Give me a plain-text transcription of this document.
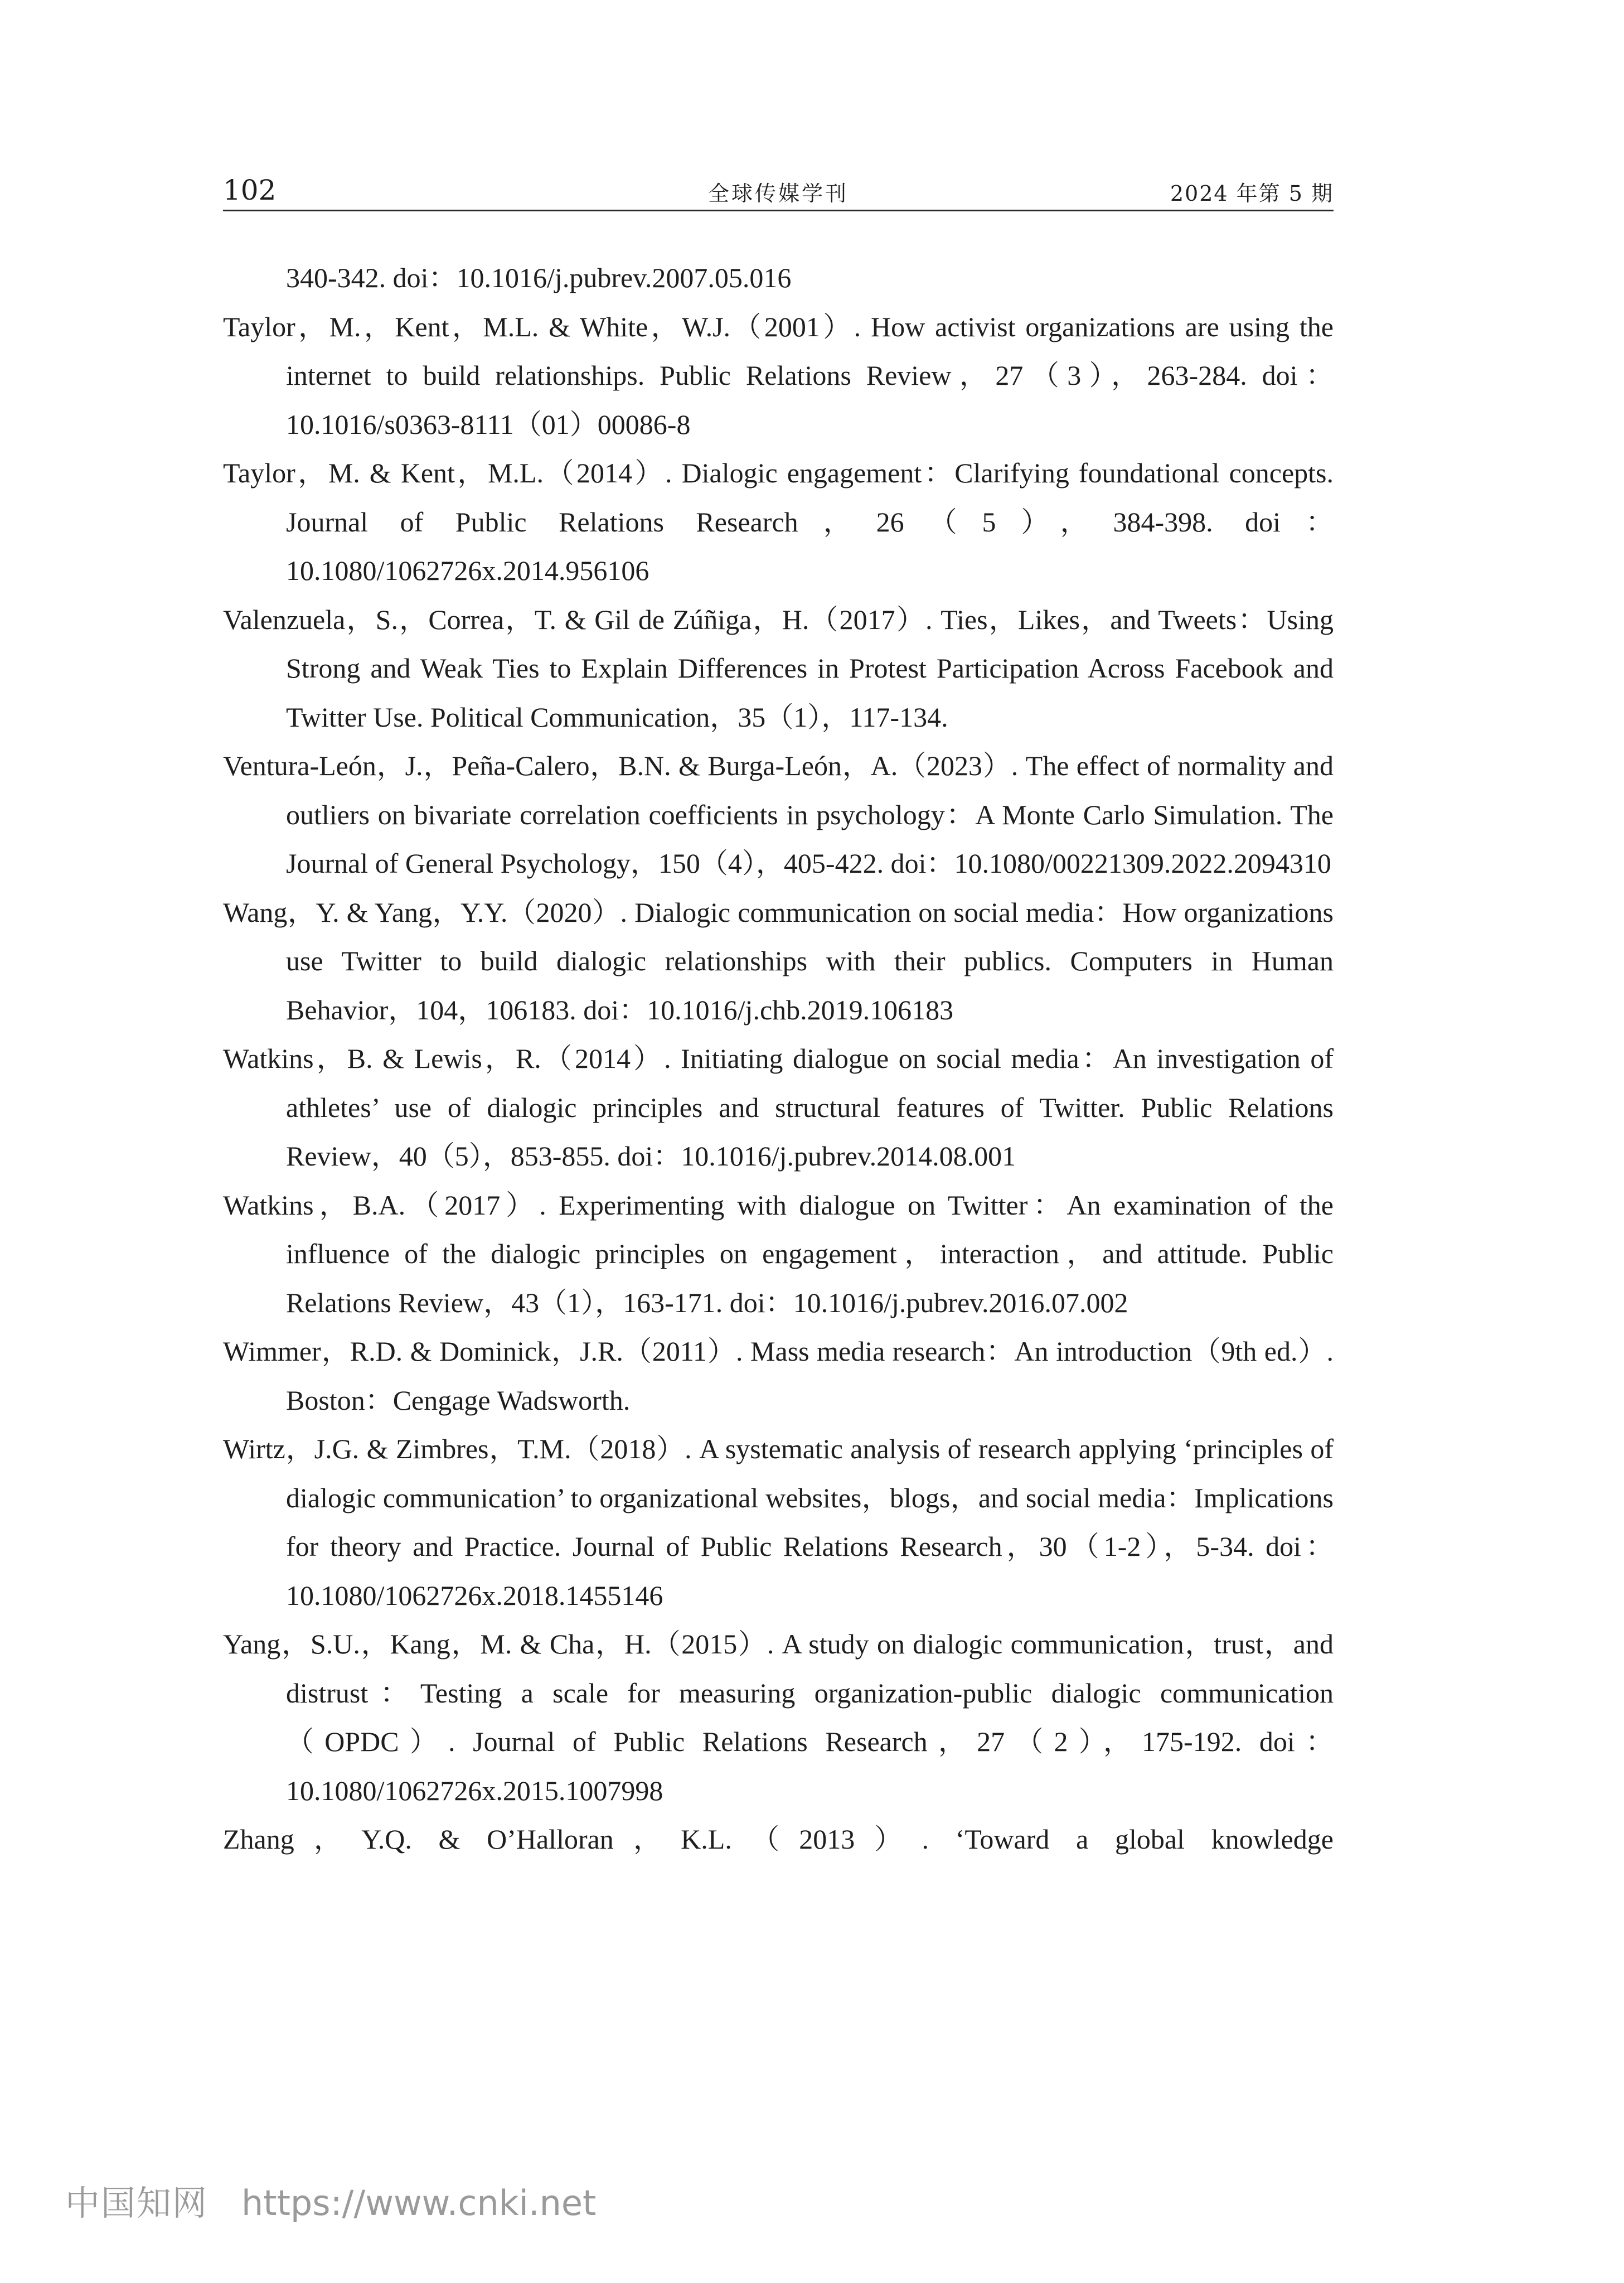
102	全球传媒学刊	2024 年第 5 期
340-342. doi：10.1016/j.pubrev.2007.05.016
Taylor，M.，Kent，M.L. & White，W.J.（2001）. How activist organizations are using the internet to build relationships. Public Relations Review，27（3），263-284. doi：10.1016/s0363-8111（01）00086-8
Taylor，M. & Kent，M.L.（2014）. Dialogic engagement：Clarifying foundational concepts. Journal of Public Relations Research，26（5），384-398. doi：10.1080/1062726x.2014.956106
Valenzuela，S.，Correa，T. & Gil de Zúñiga，H.（2017）. Ties，Likes，and Tweets：Using Strong and Weak Ties to Explain Differences in Protest Participation Across Facebook and Twitter Use. Political Communication，35（1），117-134.
Ventura-León，J.，Peña-Calero，B.N. & Burga-León，A.（2023）. The effect of normality and outliers on bivariate correlation coefficients in psychology：A Monte Carlo Simulation. The Journal of General Psychology，150（4），405-422. doi：10.1080/00221309.2022.2094310
Wang，Y. & Yang，Y.Y.（2020）. Dialogic communication on social media：How organizations use Twitter to build dialogic relationships with their publics. Computers in Human Behavior，104，106183. doi：10.1016/j.chb.2019.106183
Watkins，B. & Lewis，R.（2014）. Initiating dialogue on social media：An investigation of athletes’ use of dialogic principles and structural features of Twitter. Public Relations Review，40（5），853-855. doi：10.1016/j.pubrev.2014.08.001
Watkins，B.A.（2017）. Experimenting with dialogue on Twitter：An examination of the influence of the dialogic principles on engagement，interaction，and attitude. Public Relations Review，43（1），163-171. doi：10.1016/j.pubrev.2016.07.002
Wimmer，R.D. & Dominick，J.R.（2011）. Mass media research：An introduction（9th ed.）. Boston：Cengage Wadsworth.
Wirtz，J.G. & Zimbres，T.M.（2018）. A systematic analysis of research applying ‘principles of dialogic communication’ to organizational websites，blogs，and social media：Implications for theory and Practice. Journal of Public Relations Research，30（1-2），5-34. doi：10.1080/1062726x.2018.1455146
Yang，S.U.，Kang，M. & Cha，H.（2015）. A study on dialogic communication，trust，and distrust：Testing a scale for measuring organization-public dialogic communication（OPDC）. Journal of Public Relations Research，27（2），175-192. doi：10.1080/1062726x.2015.1007998
Zhang，Y.Q. & O’Halloran，K.L.（2013）. ‘Toward a global knowledge
中国知网 https://www.cnki.net
